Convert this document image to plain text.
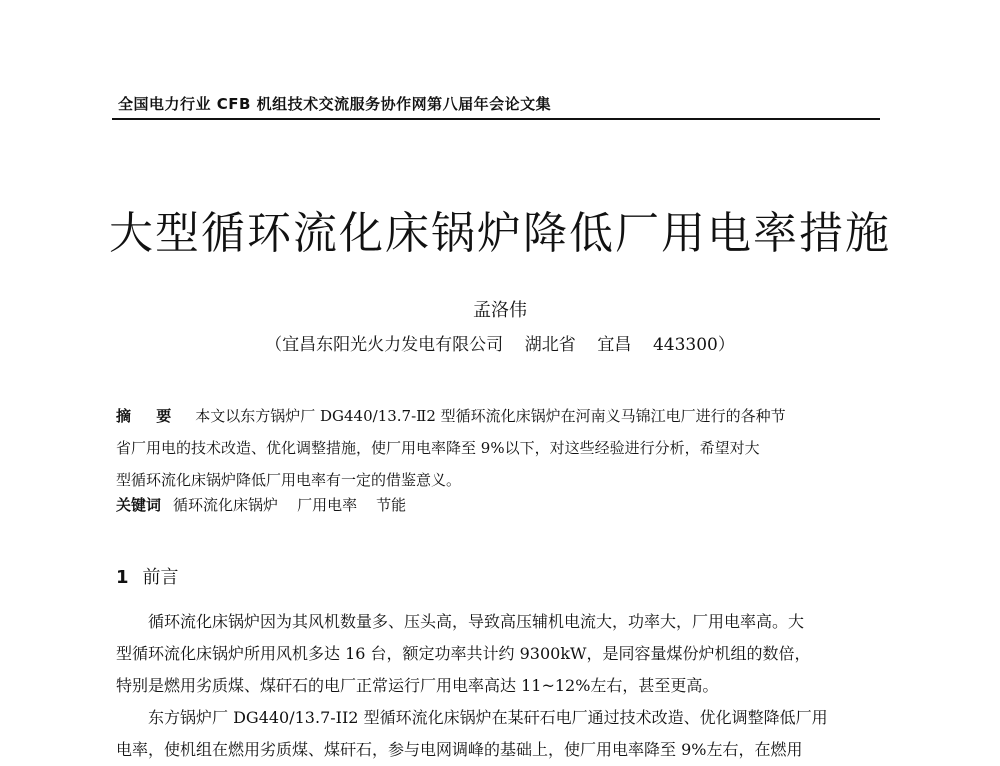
全国电力行业 CFB 机组技术交流服务协作网第八届年会论文集
大型循环流化床锅炉降低厂用电率措施
孟洛伟
（宜昌东阳光火力发电有限公司    湖北省    宜昌    443300）
摘 要 本文以东方锅炉厂 DG440/13.7-Ⅱ2 型循环流化床锅炉在河南义马锦江电厂进行的各种节
省厂用电的技术改造、优化调整措施，使厂用电率降至 9%以下，对这些经验进行分析，希望对大
型循环流化床锅炉降低厂用电率有一定的借鉴意义。
关键词 循环流化床锅炉    厂用电率    节能
1 前言
循环流化床锅炉因为其风机数量多、压头高，导致高压辅机电流大，功率大，厂用电率高。大
型循环流化床锅炉所用风机多达 16 台，额定功率共计约 9300kW，是同容量煤份炉机组的数倍，
特别是燃用劣质煤、煤矸石的电厂正常运行厂用电率高达 11~12%左右，甚至更高。
东方锅炉厂 DG440/13.7-II2 型循环流化床锅炉在某矸石电厂通过技术改造、优化调整降低厂用
电率，使机组在燃用劣质煤、煤矸石，参与电网调峰的基础上，使厂用电率降至 9%左右，在燃用
